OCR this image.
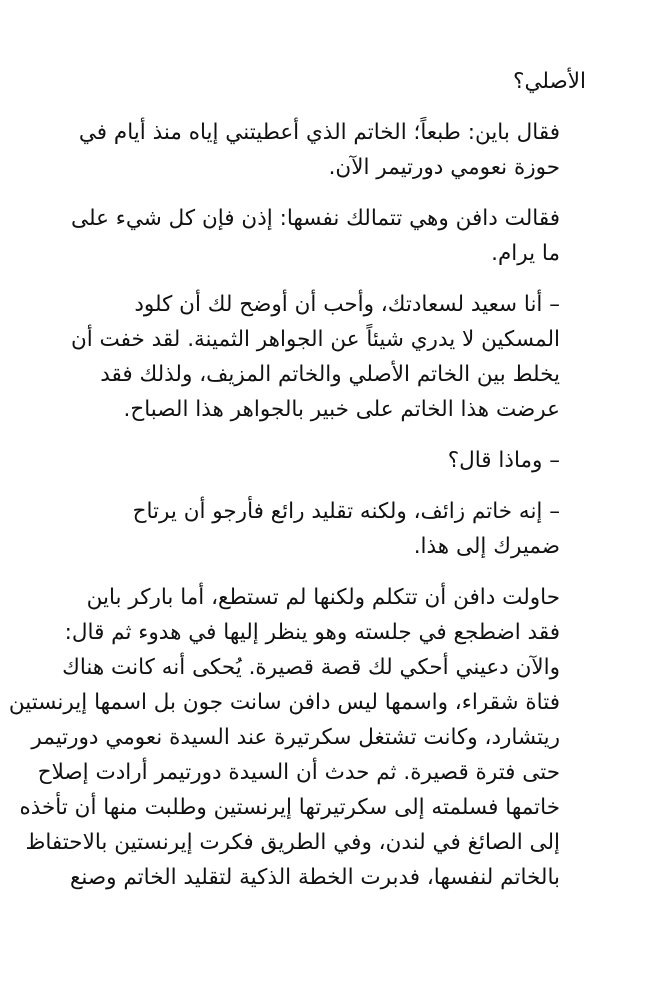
الأصلي؟

فقال باين: طبعاً؛ الخاتم الذي أعطيتني إياه منذ أيام في
حوزة نعومي دورتيمر الآن.

فقالت دافن وهي تتمالك نفسها: إذن فإن كل شيء على
ما يرام.

– أنا سعيد لسعادتك، وأحب أن أوضح لك أن كلود
المسكين لا يدري شيئاً عن الجواهر الثمينة. لقد خفت أن
يخلط بين الخاتم الأصلي والخاتم المزيف، ولذلك فقد
عرضت هذا الخاتم على خبير بالجواهر هذا الصباح.

– وماذا قال؟

– إنه خاتم زائف، ولكنه تقليد رائع فأرجو أن يرتاح
ضميرك إلى هذا.

حاولت دافن أن تتكلم ولكنها لم تستطع، أما باركر باين
فقد اضطجع في جلسته وهو ينظر إليها في هدوء ثم قال:
والآن دعيني أحكي لك قصة قصيرة. يُحكى أنه كانت هناك
فتاة شقراء، واسمها ليس دافن سانت جون بل اسمها إيرنستين
ريتشارد، وكانت تشتغل سكرتيرة عند السيدة نعومي دورتيمر
حتى فترة قصيرة. ثم حدث أن السيدة دورتيمر أرادت إصلاح
خاتمها فسلمته إلى سكرتيرتها إيرنستين وطلبت منها أن تأخذه
إلى الصائغ في لندن، وفي الطريق فكرت إيرنستين بالاحتفاظ
بالخاتم لنفسها، فدبرت الخطة الذكية لتقليد الخاتم وصنع
